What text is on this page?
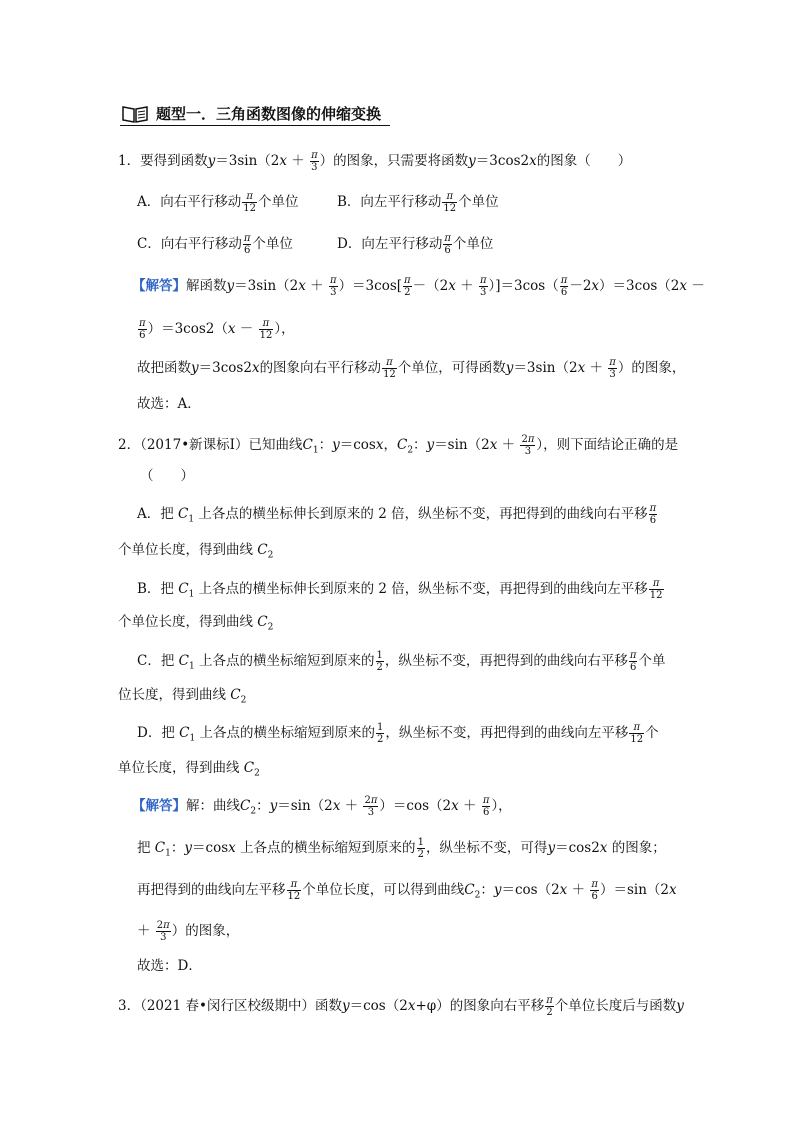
题型一．三角函数图像的伸缩变换
1．要得到函数$y=3\sin(2x + \frac{\pi}{3}$ ）的图象，只需要将函数y＝3cos2x的图象（　　）
A．向右平行移动 $\frac{\pi}{12}$ 个单位	B．向左平行移动 $\frac{\pi}{12}$ 个单位
C．向右平行移动 $\frac{\pi}{6}$ 个单位	D．向左平行移动 $\frac{\pi}{6}$ 个单位
【解答】解函数$y=3\sin(2x + \frac{\pi}{3} )=3\cos[ \frac{\pi}{2} -(2x + \frac{\pi}{3} )]=3\cos( \frac{\pi}{6} -2x)=3\cos(2x$ －
$\frac{\pi}{6} )=3\cos 2(x - \frac{\pi}{12}$ ），
故把函数y＝3cos2x的图象向右平行移动 $\frac{\pi}{12}$ 个单位，可得函数$y=3\sin(2x + \frac{\pi}{3}$ ）的图象，
故选：A．
2．（2017•新课标Ⅰ）已知曲线$C_1$：y＝cosx，$C_2$：$y=\sin(2x + \frac{2\pi}{3}$ ），则下面结论正确的是
（　　）
A．把 $C_1$ 上各点的横坐标伸长到原来的 2 倍，纵坐标不变，再把得到的曲线向右平移 $\frac{\pi}{6}$
个单位长度，得到曲线 $C_2$
B．把 $C_1$ 上各点的横坐标伸长到原来的 2 倍，纵坐标不变，再把得到的曲线向左平移 $\frac{\pi}{12}$
个单位长度，得到曲线 $C_2$
C．把 $C_1$ 上各点的横坐标缩短到原来的 $\frac{1}{2}$ ，纵坐标不变，再把得到的曲线向右平移 $\frac{\pi}{6}$ 个单
位长度，得到曲线 $C_2$
D．把 $C_1$ 上各点的横坐标缩短到原来的 $\frac{1}{2}$ ，纵坐标不变，再把得到的曲线向左平移 $\frac{\pi}{12}$ 个
单位长度，得到曲线 $C_2$
【解答】解：曲线$C_2$：$y=\sin(2x + \frac{2\pi}{3} )=\cos(2x + \frac{\pi}{6}$ ），
把 $C_1$：y＝cosx 上各点的横坐标缩短到原来的 $\frac{1}{2}$ ，纵坐标不变，可得y＝cos2x 的图象；
再把得到的曲线向左平移 $\frac{\pi}{12}$ 个单位长度，可以得到曲线$C_2$：$y=\cos(2x + \frac{\pi}{6} )=\sin(2x$
＋ $\frac{2\pi}{3}$ ）的图象，
故选：D．
3．（2021 春•闵行区校级期中）函数y＝cos（2x+φ）的图象向右平移 $\frac{\pi}{2}$ 个单位长度后与函数y
